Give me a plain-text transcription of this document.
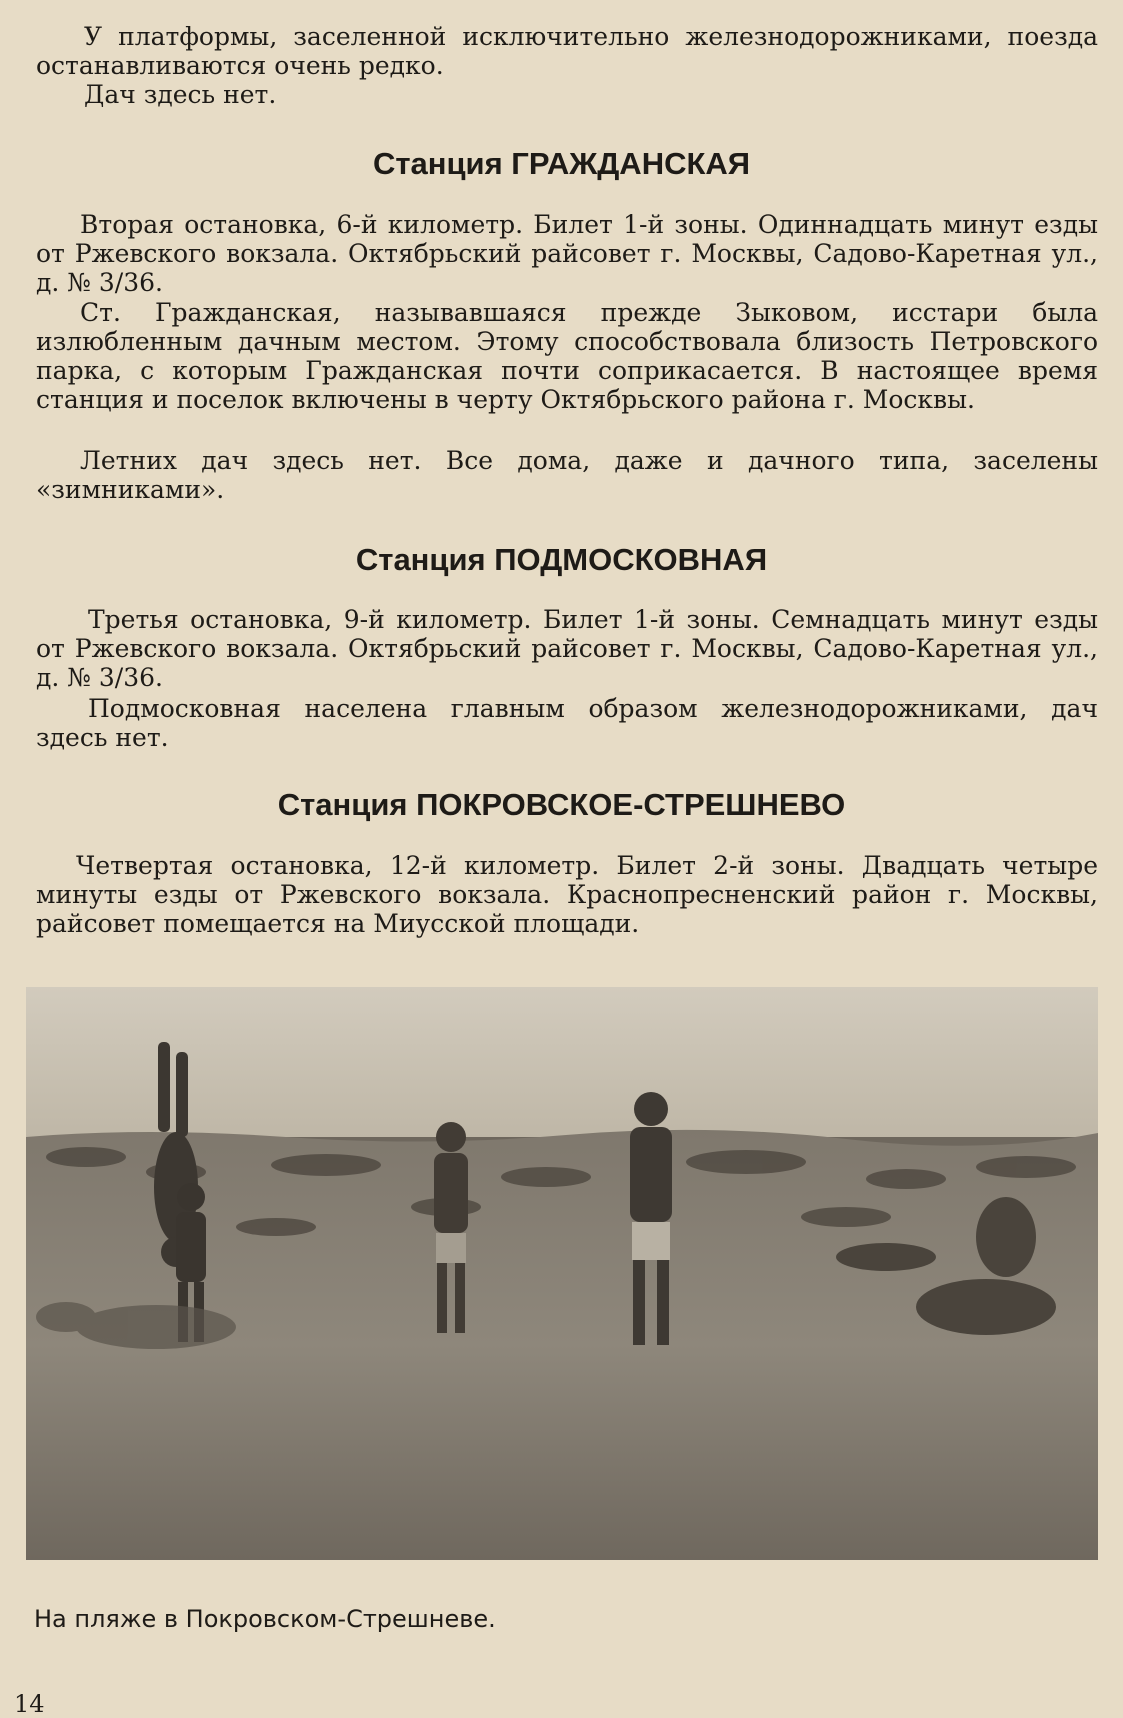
У платформы, заселенной исключительно железнодорожниками, поезда останавливаются очень редко.

Дач здесь нет.

Станция ГРАЖДАНСКАЯ

Вторая остановка, 6-й километр. Билет 1-й зоны. Одиннадцать минут езды от Ржевского вокзала. Октябрьский райсовет г. Москвы, Садово-Каретная ул., д. № 3/36.

Ст. Гражданская, называвшаяся прежде Зыковом, исстари была излюбленным дачным местом. Этому способствовала близость Петровского парка, с которым Гражданская почти соприкасается. В настоящее время станция и поселок включены в черту Октябрьского района г. Москвы.

Летних дач здесь нет. Все дома, даже и дачного типа, заселены «зимниками».

Станция ПОДМОСКОВНАЯ

Третья остановка, 9-й километр. Билет 1-й зоны. Семнадцать минут езды от Ржевского вокзала. Октябрьский райсовет г. Москвы, Садово-Каретная ул., д. № 3/36.

Подмосковная населена главным образом железнодорожниками, дач здесь нет.

Станция ПОКРОВСКОЕ-СТРЕШНЕВО

Четвертая остановка, 12-й километр. Билет 2-й зоны. Двадцать четыре минуты езды от Ржевского вокзала. Краснопресненский район г. Москвы, райсовет помещается на Миусской площади.

На пляже в Покровском-Стрешневе.

14
